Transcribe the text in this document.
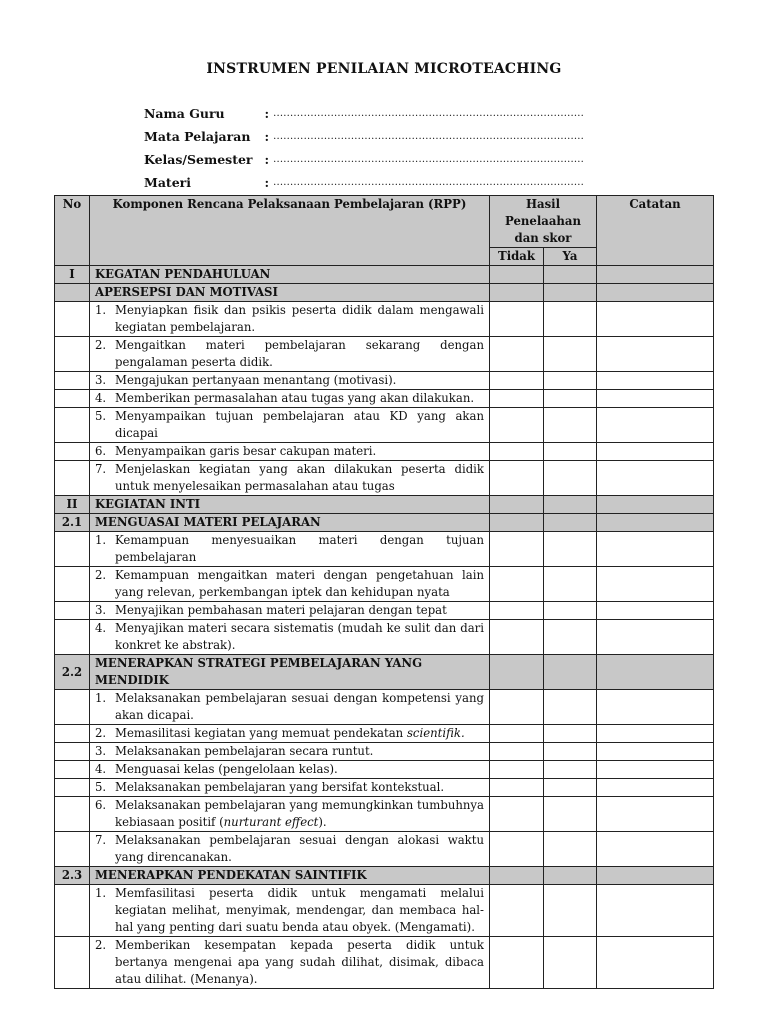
INSTRUMEN PENILAIAN MICROTEACHING
Nama Guru	: ............................................................................................
Mata Pelajaran	: ............................................................................................
Kelas/Semester : ............................................................................................
Materi	: ............................................................................................
No	Komponen Rencana Pelaksanaan Pembelajaran (RPP)	Hasil Penelaahan dan skor		Catatan
		Tidak	Ya	
I	KEGATAN PENDAHULUAN			
	APERSEPSI DAN MOTIVASI			

	1. Menyiapkan fisik dan psikis peserta didik dalam mengawali kegiatan pembelajaran.			

	2. Mengaitkan materi pembelajaran sekarang dengan pengalaman peserta didik.			

	3. Mengajukan pertanyaan menantang (motivasi).			

	4. Memberikan permasalahan atau tugas yang akan dilakukan.			

	5. Menyampaikan tujuan pembelajaran atau KD yang akan dicapai			

	6. Menyampaikan garis besar cakupan materi.			

	7. Menjelaskan kegiatan yang akan dilakukan peserta didik untuk menyelesaikan permasalahan atau tugas			

II	KEGIATAN INTI			
2.1	MENGUASAI MATERI PELAJARAN			

	1. Kemampuan menyesuaikan materi dengan tujuan pembelajaran			

	2. Kemampuan mengaitkan materi dengan pengetahuan lain yang relevan, perkembangan iptek dan kehidupan nyata			

	3. Menyajikan pembahasan materi pelajaran dengan tepat			

	4. Menyajikan materi secara sistematis (mudah ke sulit dan dari konkret ke abstrak).			

2.2	MENERAPKAN STRATEGI PEMBELAJARAN YANG MENDIDIK			

	1. Melaksanakan pembelajaran sesuai dengan kompetensi yang akan dicapai.			

	2. Memasilitasi kegiatan yang memuat pendekatan scientifik.			

	3. Melaksanakan pembelajaran secara runtut.			

	4. Menguasai kelas (pengelolaan kelas).			

	5. Melaksanakan pembelajaran yang bersifat kontekstual.			

	6. Melaksanakan pembelajaran yang memungkinkan tumbuhnya kebiasaan positif (nurturant effect).			

	7. Melaksanakan pembelajaran sesuai dengan alokasi waktu yang direncanakan.			

2.3	MENERAPKAN PENDEKATAN SAINTIFIK			

	1. Memfasilitasi peserta didik untuk mengamati melalui kegiatan melihat, menyimak, mendengar, dan membaca hal-hal yang penting dari suatu benda atau obyek. (Mengamati).			

	2. Memberikan kesempatan kepada peserta didik untuk bertanya mengenai apa yang sudah dilihat, disimak, dibaca atau dilihat. (Menanya).			
